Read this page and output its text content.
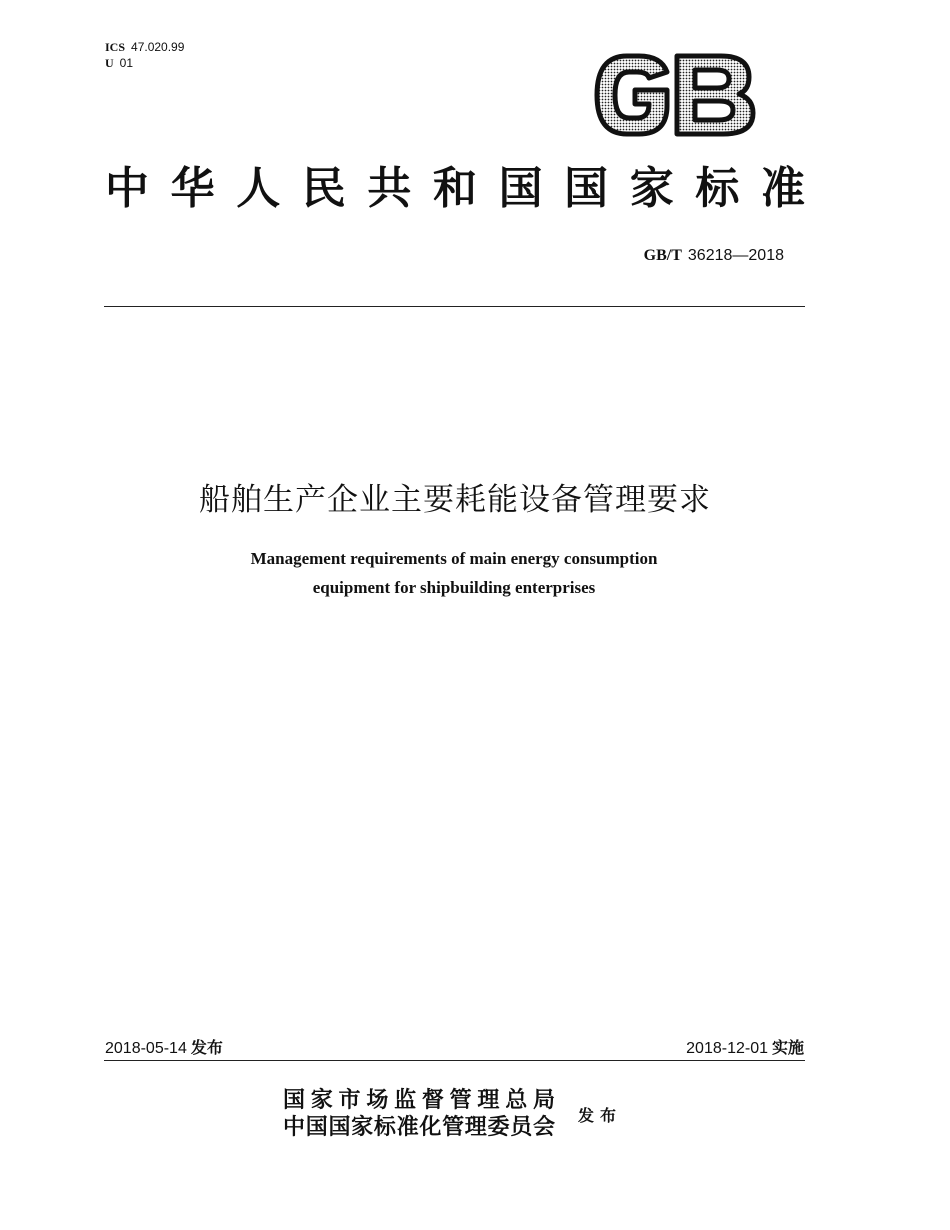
ICS 47.020.99
U 01
中 华 人 民 共 和 国 国 家 标 准
GB/T 36218—2018
船舶生产企业主要耗能设备管理要求
Management requirements of main energy consumption
equipment for shipbuilding enterprises
2018-05-14 发布	2018-12-01 实施
国家市场监督管理总局
中国国家标准化管理委员会 发布
